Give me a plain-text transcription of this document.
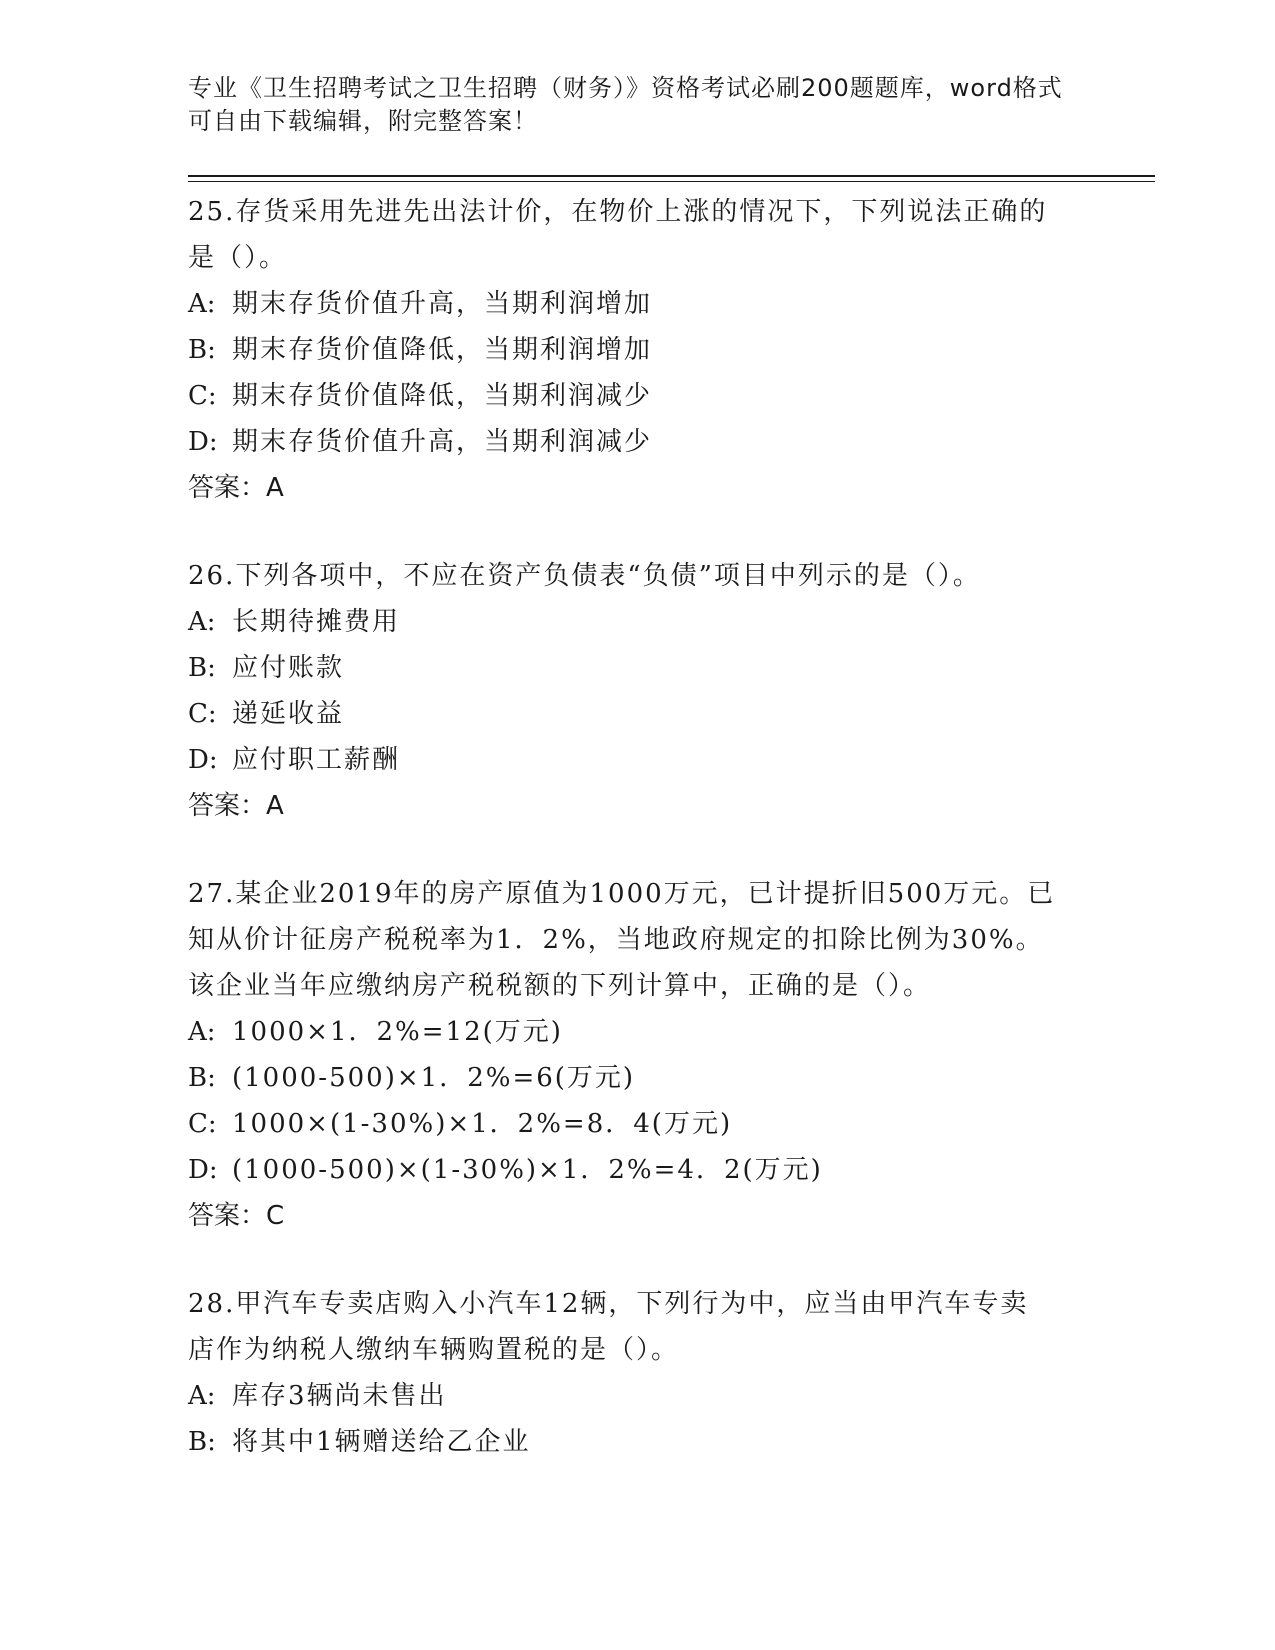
专业《卫生招聘考试之卫生招聘（财务）》资格考试必刷200题题库，word格式
可自由下载编辑，附完整答案！
25.存货采用先进先出法计价，在物价上涨的情况下，下列说法正确的
是（）。
A: 期末存货价值升高，当期利润增加
B: 期末存货价值降低，当期利润增加
C: 期末存货价值降低，当期利润减少
D: 期末存货价值升高，当期利润减少
答案：A
26.下列各项中，不应在资产负债表“负债”项目中列示的是（）。
A: 长期待摊费用
B: 应付账款
C: 递延收益
D: 应付职工薪酬
答案：A
27.某企业2019年的房产原值为1000万元，已计提折旧500万元。已
知从价计征房产税税率为1．2%，当地政府规定的扣除比例为30%。
该企业当年应缴纳房产税税额的下列计算中，正确的是（）。
A: 1000×1．2%=12(万元)
B: (1000-500)×1．2%=6(万元)
C: 1000×(1-30%)×1．2%=8．4(万元)
D: (1000-500)×(1-30%)×1．2%=4．2(万元)
答案：C
28.甲汽车专卖店购入小汽车12辆，下列行为中，应当由甲汽车专卖
店作为纳税人缴纳车辆购置税的是（）。
A: 库存3辆尚未售出
B: 将其中1辆赠送给乙企业
